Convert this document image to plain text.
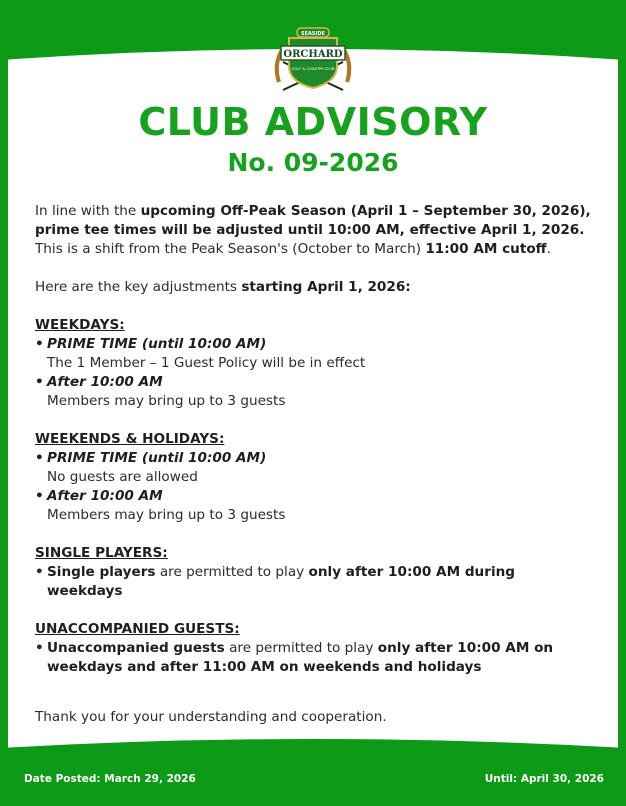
SEASIDE
ORCHARD
GOLF & COUNTRY CLUB
CLUB ADVISORY
No. 09-2026

In line with the upcoming Off-Peak Season (April 1 – September 30, 2026), prime tee times will be adjusted until 10:00 AM, effective April 1, 2026. This is a shift from the Peak Season's (October to March) 11:00 AM cutoff.

Here are the key adjustments starting April 1, 2026:

WEEKDAYS:
• PRIME TIME (until 10:00 AM)
The 1 Member – 1 Guest Policy will be in effect
• After 10:00 AM
Members may bring up to 3 guests
WEEKENDS & HOLIDAYS:
• PRIME TIME (until 10:00 AM)
No guests are allowed
• After 10:00 AM
Members may bring up to 3 guests
SINGLE PLAYERS:
• Single players are permitted to play only after 10:00 AM during weekdays
UNACCOMPANIED GUESTS:
• Unaccompanied guests are permitted to play only after 10:00 AM on weekdays and after 11:00 AM on weekends and holidays
Thank you for your understanding and cooperation.
Date Posted: March 29, 2026	Until: April 30, 2026
